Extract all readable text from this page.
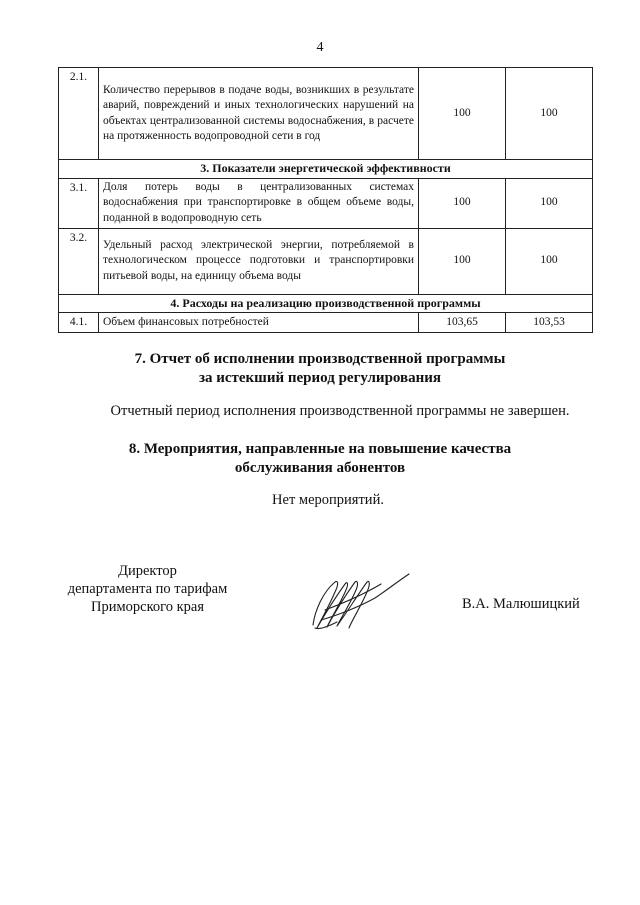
4
2.1.	Количество перерывов в подаче воды, возникших в результате аварий, повреждений и иных технологических нарушений на объектах централизованной системы водоснабжения, в расчете на протяженность водопроводной сети в год	100	100
3. Показатели энергетической эффективности			
3.1.	Доля потерь воды в централизованных системах водоснабжения при транспортировке в общем объеме воды, поданной в водопроводную сеть	100	100
3.2.	Удельный расход электрической энергии, потребляемой в технологическом процессе подготовки и транспортировки питьевой воды, на единицу объема воды	100	100
4. Расходы на реализацию производственной программы			
4.1.	Объем финансовых потребностей	103,65	103,53
7. Отчет об исполнении производственной программы
за истекший период регулирования
Отчетный период исполнения производственной программы не завершен.
8. Мероприятия, направленные на повышение качества
обслуживания абонентов
Нет мероприятий.
Директор
департамента по тарифам
Приморского края	В.А. Малюшицкий
